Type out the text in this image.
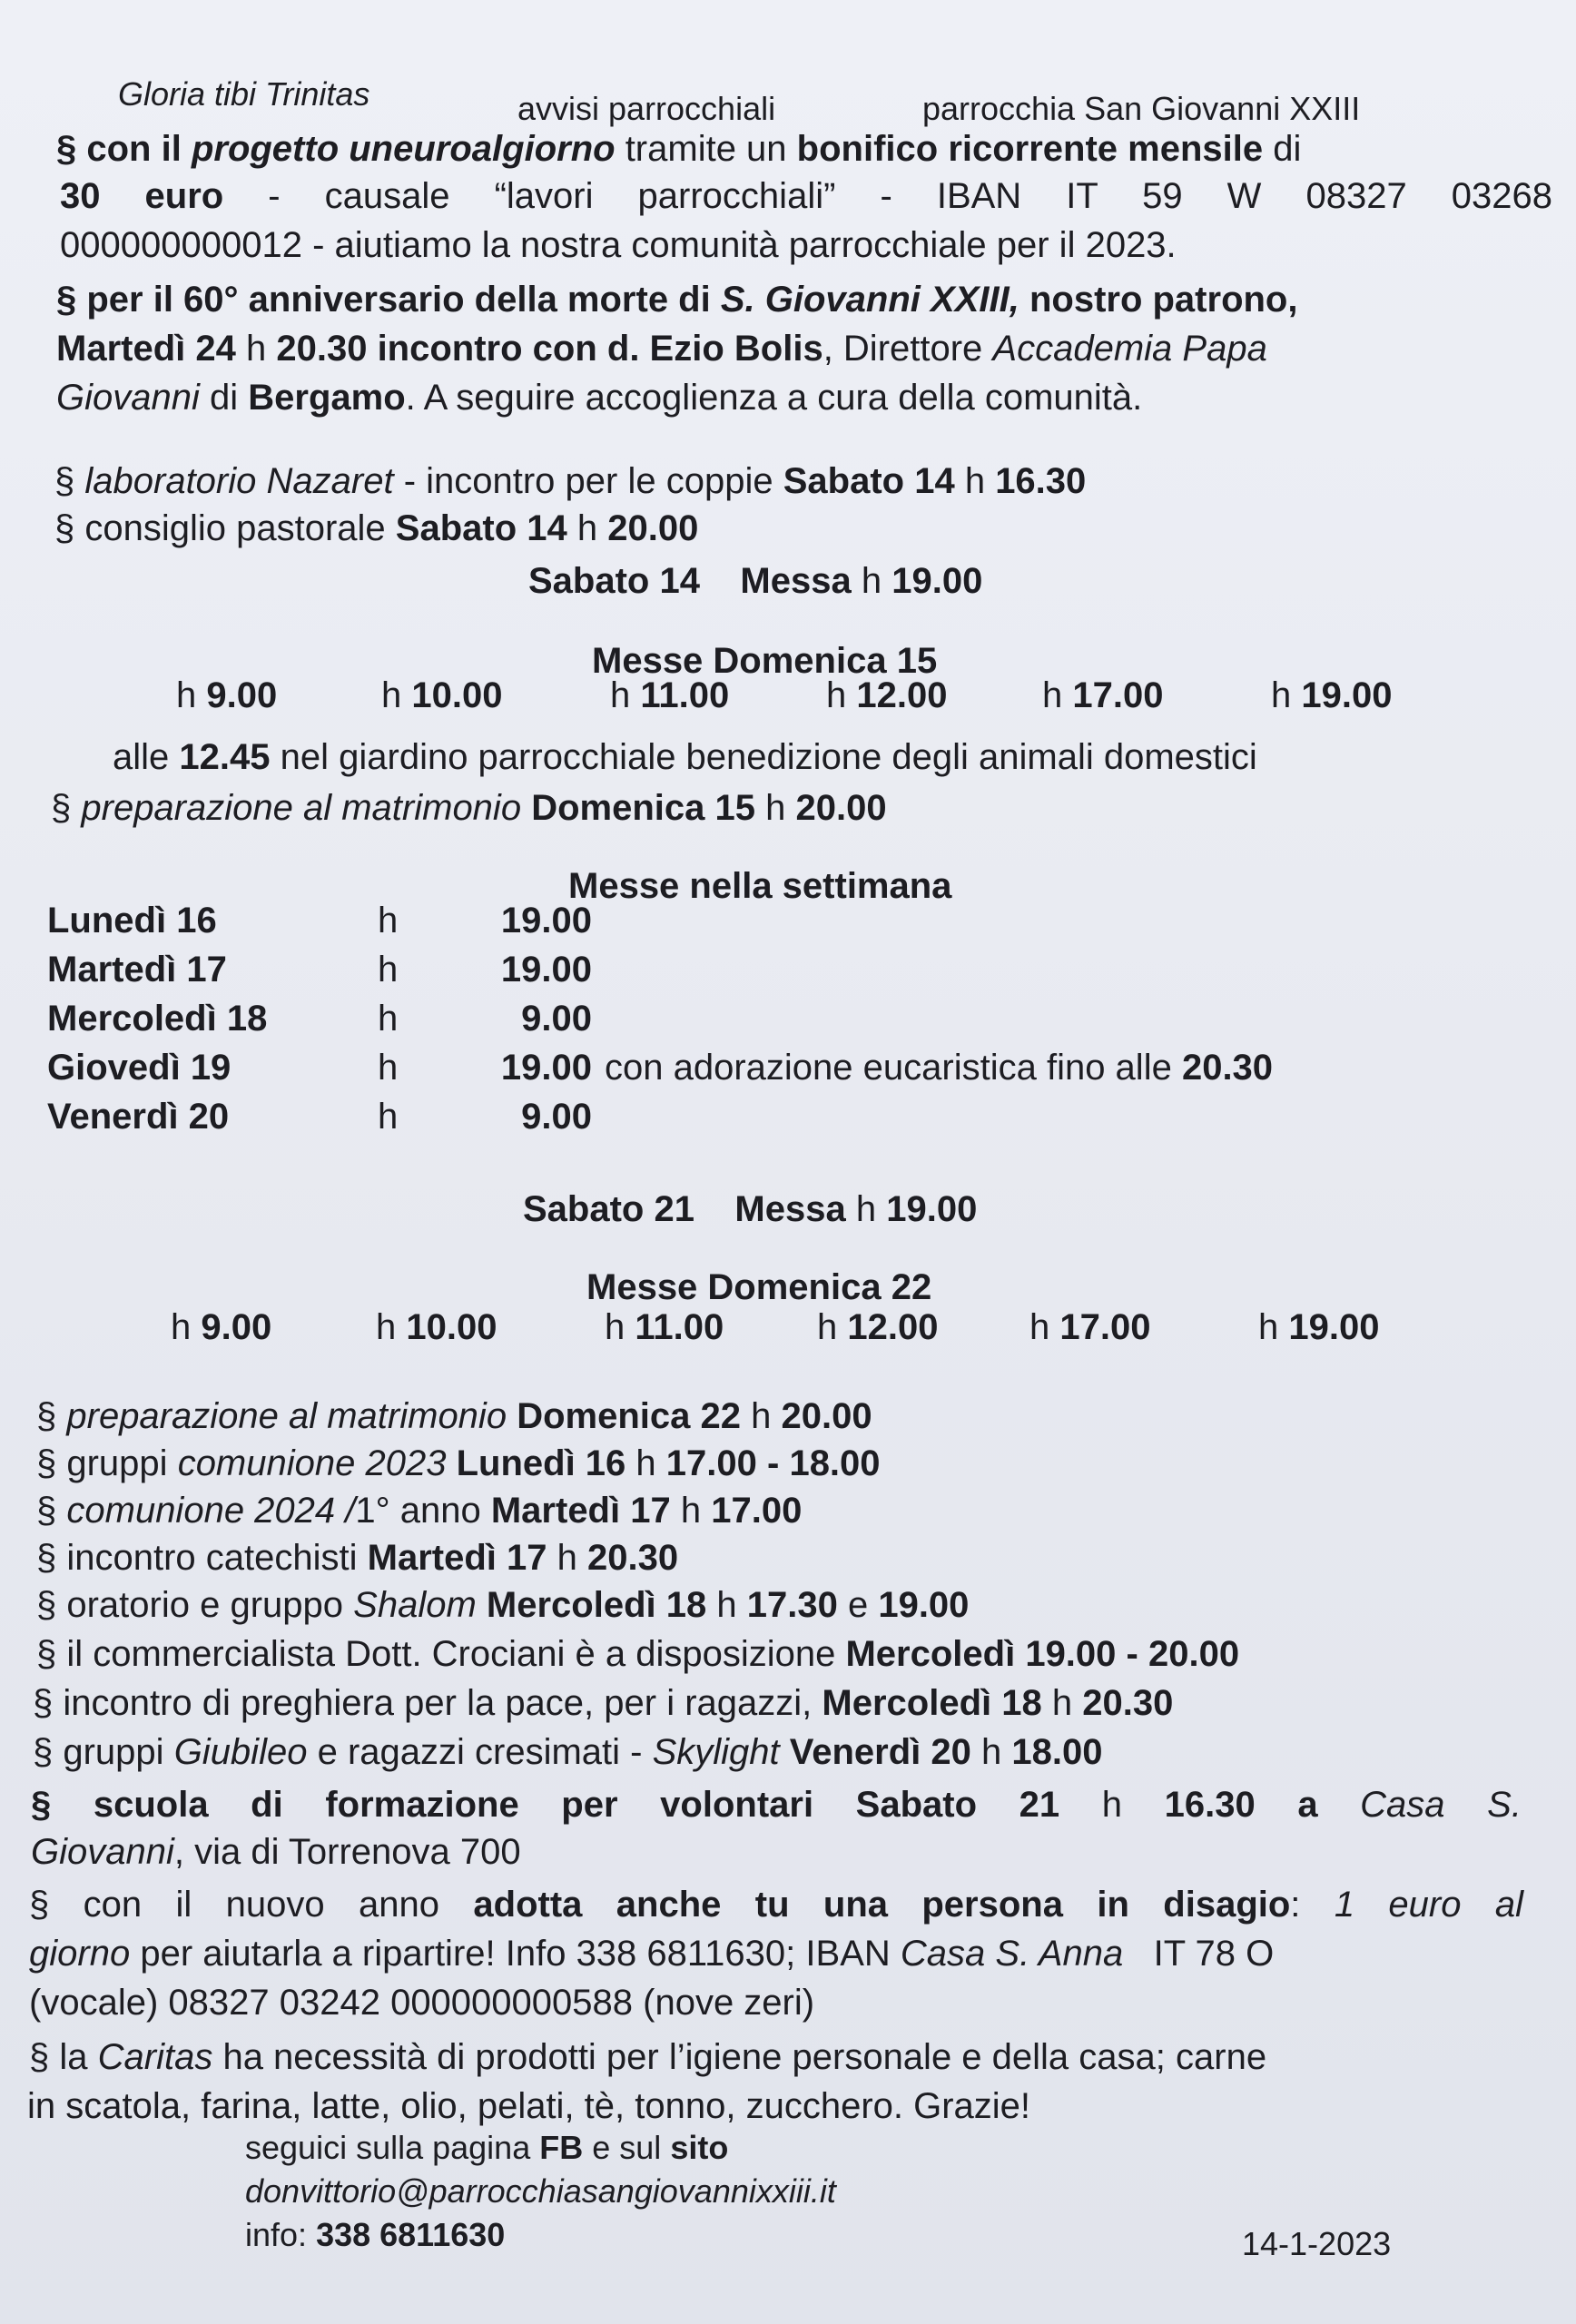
Gloria tibi Trinitas	avvisi parrocchiali	parrocchia San Giovanni XXIII
§ con il progetto uneuroalgiorno tramite un bonifico ricorrente mensile di
30 euro - causale “lavori parrocchiali” - IBAN IT 59 W 08327 03268
000000000012 - aiutiamo la nostra comunità parrocchiale per il 2023.
§ per il 60° anniversario della morte di S. Giovanni XXIII, nostro patrono,
Martedì 24 h 20.30 incontro con d. Ezio Bolis, Direttore Accademia Papa
Giovanni di Bergamo. A seguire accoglienza a cura della comunità.
§ laboratorio Nazaret - incontro per le coppie Sabato 14 h 16.30
§ consiglio pastorale Sabato 14 h 20.00
Sabato 14 Messa h 19.00
Messe Domenica 15
h 9.00	h 10.00	h 11.00	h 12.00	h 17.00	h 19.00
alle 12.45 nel giardino parrocchiale benedizione degli animali domestici
§ preparazione al matrimonio Domenica 15 h 20.00
Messe nella settimana
Lunedì 16	h	19.00
Martedì 17	h	19.00
Mercoledì 18	h	9.00
Giovedì 19	h	19.00 con adorazione eucaristica fino alle 20.30
Venerdì 20	h	9.00
Sabato 21 Messa h 19.00
Messe Domenica 22
h 9.00	h 10.00	h 11.00	h 12.00	h 17.00	h 19.00
§ preparazione al matrimonio Domenica 22 h 20.00
§ gruppi comunione 2023 Lunedì 16 h 17.00 - 18.00
§ comunione 2024 /1° anno Martedì 17 h 17.00
§ incontro catechisti Martedì 17 h 20.30
§ oratorio e gruppo Shalom Mercoledì 18 h 17.30 e 19.00
§ il commercialista Dott. Crociani è a disposizione Mercoledì 19.00 - 20.00
§ incontro di preghiera per la pace, per i ragazzi, Mercoledì 18 h 20.30
§ gruppi Giubileo e ragazzi cresimati - Skylight Venerdì 20 h 18.00
§ scuola di formazione per volontari Sabato 21 h 16.30 a Casa S.
Giovanni, via di Torrenova 700
§ con il nuovo anno adotta anche tu una persona in disagio: 1 euro al
giorno per aiutarla a ripartire! Info 338 6811630; IBAN Casa S. Anna IT 78 O
(vocale) 08327 03242 000000000588 (nove zeri)
§ la Caritas ha necessità di prodotti per l’igiene personale e della casa; carne
in scatola, farina, latte, olio, pelati, tè, tonno, zucchero. Grazie!
seguici sulla pagina FB e sul sito
donvittorio@parrocchiasangiovannixxiii.it
info: 338 6811630	14-1-2023
